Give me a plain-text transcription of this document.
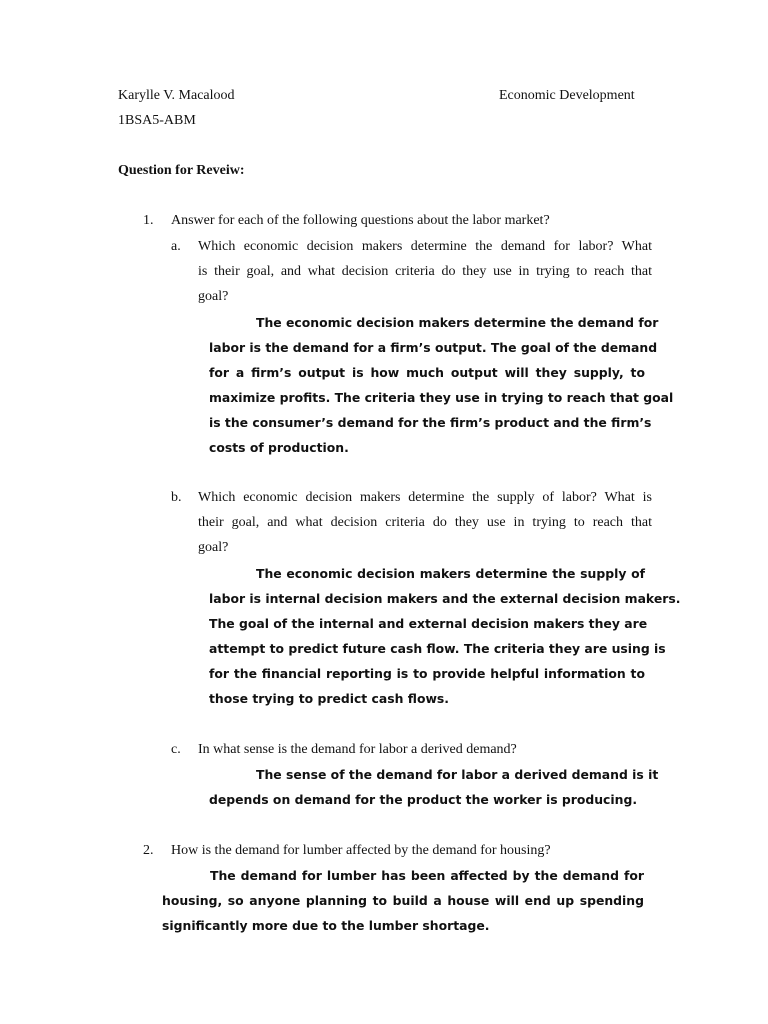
Karylle V. Macalood	Economic Development
1BSA5-ABM
Question for Reveiw:
1. Answer for each of the following questions about the labor market?
a. Which economic decision makers determine the demand for labor? What
is their goal, and what decision criteria do they use in trying to reach that
goal?
The economic decision makers determine the demand for
labor is the demand for a firm’s output. The goal of the demand
for a firm’s output is how much output will they supply, to
maximize profits. The criteria they use in trying to reach that goal
is the consumer’s demand for the firm’s product and the firm’s
costs of production.
b. Which economic decision makers determine the supply of labor? What is
their goal, and what decision criteria do they use in trying to reach that
goal?
The economic decision makers determine the supply of
labor is internal decision makers and the external decision makers.
The goal of the internal and external decision makers they are
attempt to predict future cash flow. The criteria they are using is
for the financial reporting is to provide helpful information to
those trying to predict cash flows.
c. In what sense is the demand for labor a derived demand?
The sense of the demand for labor a derived demand is it
depends on demand for the product the worker is producing.
2. How is the demand for lumber affected by the demand for housing?
The demand for lumber has been affected by the demand for
housing, so anyone planning to build a house will end up spending
significantly more due to the lumber shortage.
